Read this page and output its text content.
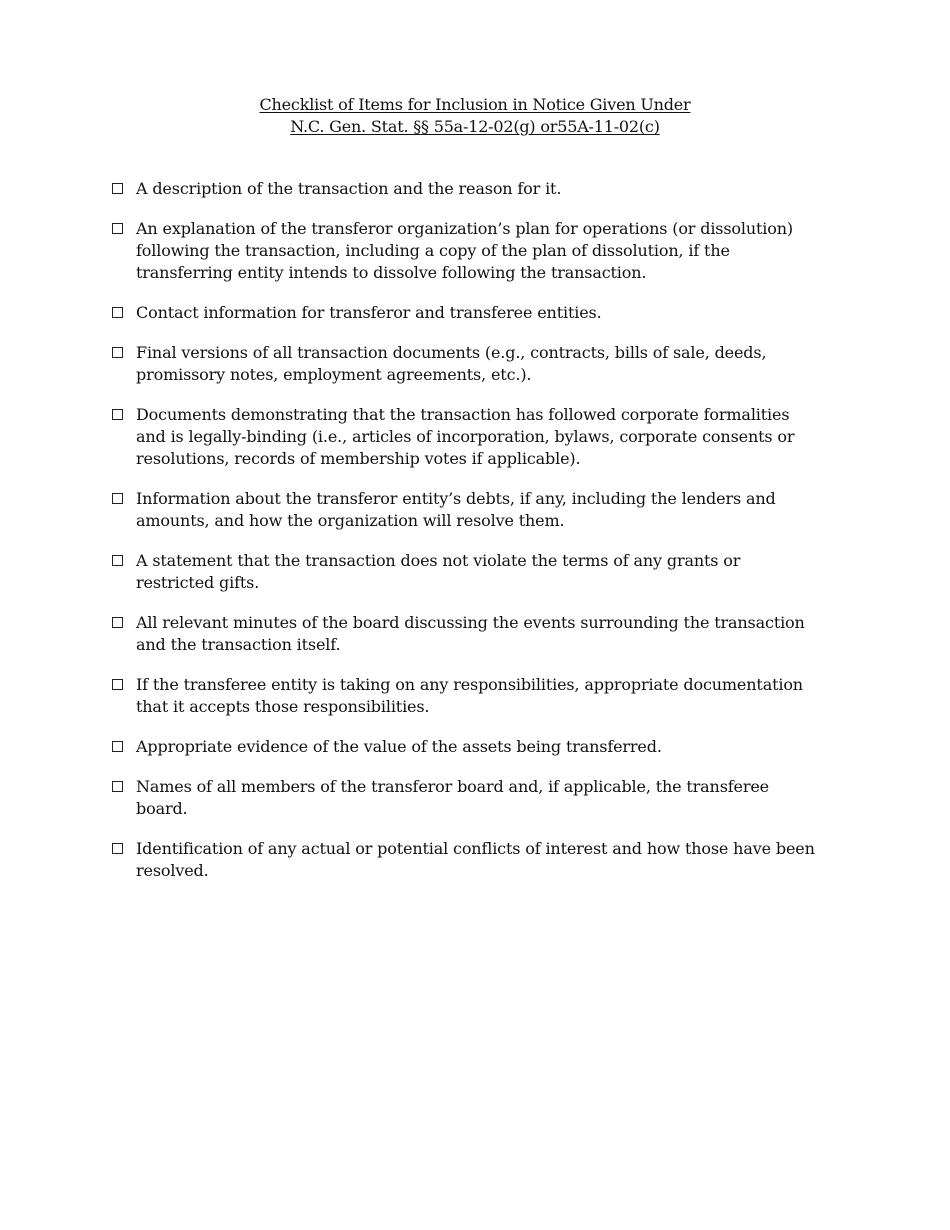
Checklist of Items for Inclusion in Notice Given Under
N.C. Gen. Stat. §§ 55a-12-02(g) or55A-11-02(c)
A description of the transaction and the reason for it.
An explanation of the transferor organization’s plan for operations (or dissolution) following the transaction, including a copy of the plan of dissolution, if the transferring entity intends to dissolve following the transaction.
Contact information for transferor and transferee entities.
Final versions of all transaction documents (e.g., contracts, bills of sale, deeds, promissory notes, employment agreements, etc.).
Documents demonstrating that the transaction has followed corporate formalities and is legally-binding (i.e., articles of incorporation, bylaws, corporate consents or resolutions, records of membership votes if applicable).
Information about the transferor entity’s debts, if any, including the lenders and amounts, and how the organization will resolve them.
A statement that the transaction does not violate the terms of any grants or restricted gifts.
All relevant minutes of the board discussing the events surrounding the transaction and the transaction itself.
If the transferee entity is taking on any responsibilities, appropriate documentation that it accepts those responsibilities.
Appropriate evidence of the value of the assets being transferred.
Names of all members of the transferor board and, if applicable, the transferee board.
Identification of any actual or potential conflicts of interest and how those have been resolved.
